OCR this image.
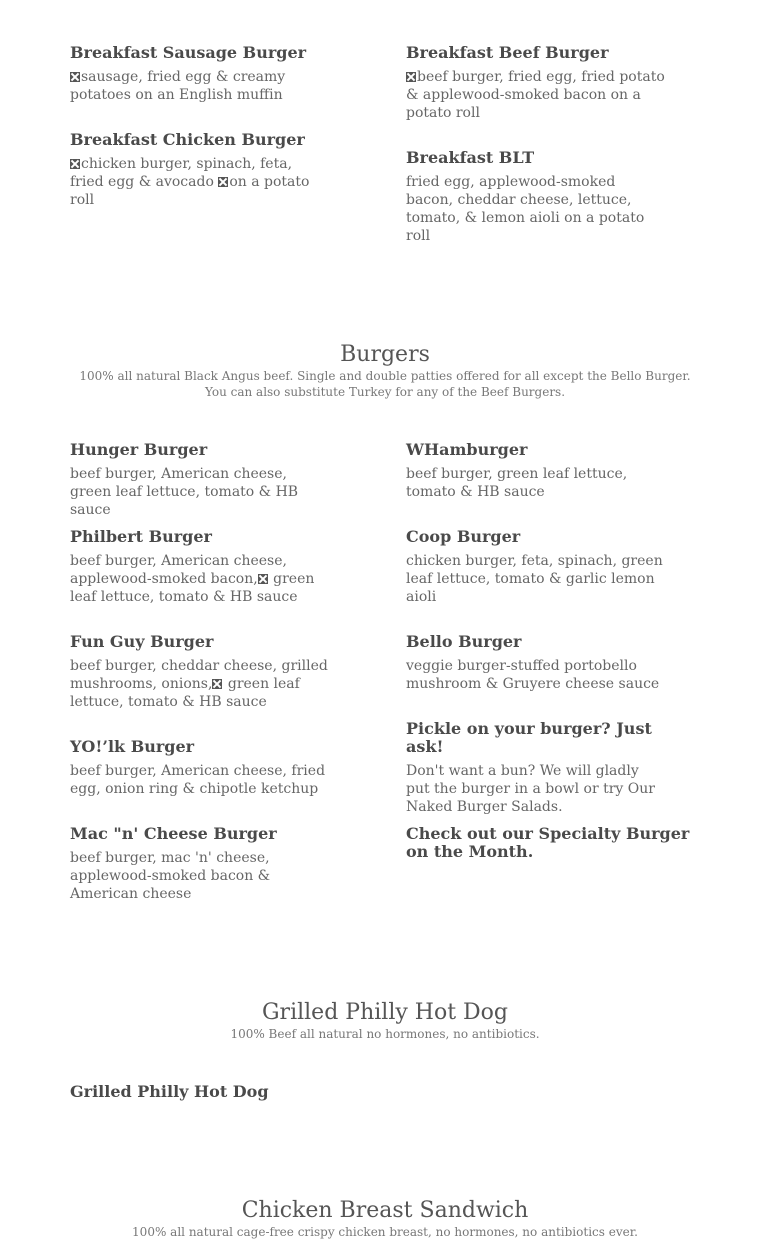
Breakfast Sausage Burger

sausage, fried egg & creamy potatoes on an English muffin

Breakfast Beef Burger

beef burger, fried egg, fried potato & applewood-smoked bacon on a potato roll

Breakfast Chicken Burger

chicken burger, spinach, feta, fried egg & avocado on a potato roll

Breakfast BLT

fried egg, applewood-smoked bacon, cheddar cheese, lettuce, tomato, & lemon aioli on a potato roll

Burgers

100% all natural Black Angus beef. Single and double patties offered for all except the Bello Burger. You can also substitute Turkey for any of the Beef Burgers.

Hunger Burger

beef burger, American cheese, green leaf lettuce, tomato & HB sauce

WHamburger

beef burger, green leaf lettuce, tomato & HB sauce

Philbert Burger

beef burger, American cheese, applewood-smoked bacon, green leaf lettuce, tomato & HB sauce

Coop Burger

chicken burger, feta, spinach, green leaf lettuce, tomato & garlic lemon aioli

Fun Guy Burger

beef burger, cheddar cheese, grilled mushrooms, onions, green leaf lettuce, tomato & HB sauce

Bello Burger

veggie burger-stuffed portobello mushroom & Gruyere cheese sauce

YO!’lk Burger

beef burger, American cheese, fried egg, onion ring & chipotle ketchup

Pickle on your burger? Just ask!

Don't want a bun? We will gladly put the burger in a bowl or try Our Naked Burger Salads.

Mac "n' Cheese Burger

beef burger, mac 'n' cheese, applewood-smoked bacon & American cheese

Check out our Specialty Burger on the Month.

Grilled Philly Hot Dog

100% Beef all natural no hormones, no antibiotics.

Grilled Philly Hot Dog

Chicken Breast Sandwich

100% all natural cage-free crispy chicken breast, no hormones, no antibiotics ever.
